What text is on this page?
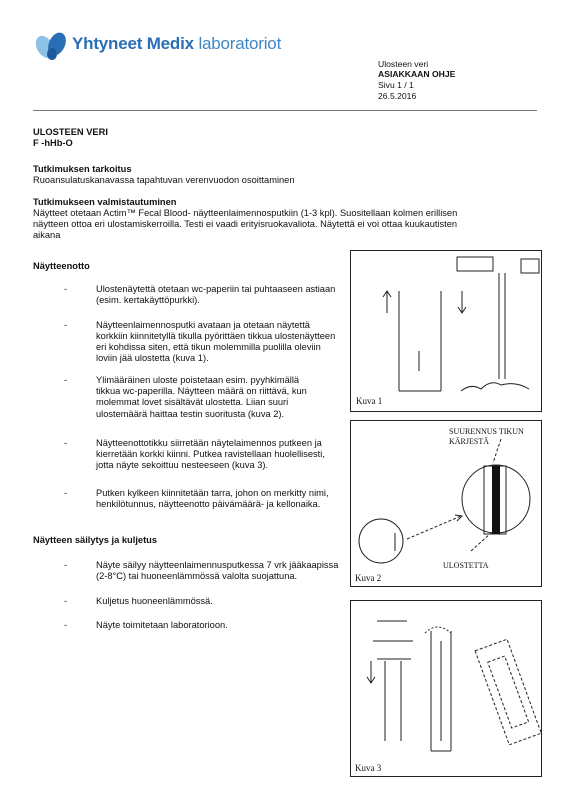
Yhtyneet Medix laboratoriot
Ulosteen veri
ASIAKKAAN OHJE
Sivu 1 / 1
26.5.2016
ULOSTEEN VERI
F -hHb-O
Tutkimuksen tarkoitus
Ruoansulatuskanavassa tapahtuvan verenvuodon osoittaminen
Tutkimukseen valmistautuminen
Näytteet otetaan Actim™ Fecal Blood- näytteenlaimennosputkiin (1-3 kpl). Suositellaan kolmen erillisen
näytteen ottoa eri ulostamiskerroilla. Testi ei vaadi erityisruokavaliota. Näytettä ei voi ottaa kuukautisten
aikana
Näytteenotto
-	Ulostenäytettä otetaan wc-paperiin tai puhtaaseen astiaan
(esim. kertakäyttöpurkki).
-	Näytteenlaimennosputki avataan ja otetaan näytettä
korkkiin kiinnitetyllä tikulla pyörittäen tikkua ulostenäytteen
eri kohdissa siten, että tikun molemmilla puolilla oleviin
loviin jää ulostetta (kuva 1).
-	Ylimääräinen uloste poistetaan esim. pyyhkimällä
tikkua wc-paperilla. Näytteen määrä on riittävä, kun
molemmat lovet sisältävät ulostetta. Liian suuri
ulostemäärä haittaa testin suoritusta (kuva 2).
-	Näytteenottotikku siirretään näytelaimennos putkeen ja
kierretään korkki kiinni. Putkea ravistellaan huolellisesti,
jotta näyte sekoittuu nesteeseen (kuva 3).
-	Putken kylkeen kiinnitetään tarra, johon on merkitty nimi,
henkilötunnus, näytteenotto päivämäärä- ja kellonaika.
Näytteen säilytys ja kuljetus
-	Näyte säilyy näytteenlaimennusputkessa 7 vrk jääkaapissa
(2-8°C) tai huoneenlämmössä valolta suojattuna.
-	Kuljetus huoneenlämmössä.
-	Näyte toimitetaan laboratorioon.
Kuva 1
SUURENNUS TIKUN
KÄRJESTÄ
ULOSTETTA
Kuva 2
Kuva 3
